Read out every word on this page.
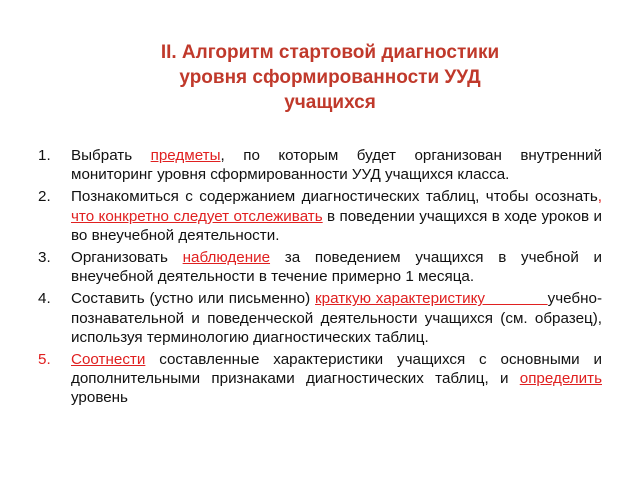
II. Алгоритм стартовой диагностики
уровня сформированности УУД
учащихся
1. Выбрать предметы, по которым будет организован внутренний мониторинг уровня сформированности УУД учащихся класса.
2. Познакомиться с содержанием диагностических таблиц, чтобы осознать, что конкретно следует отслеживать в поведении учащихся в ходе уроков и во внеучебной деятельности.
3. Организовать наблюдение за поведением учащихся в учебной и внеучебной деятельности в течение примерно 1 месяца.
4. Составить (устно или письменно) краткую характеристику             учебно-познавательной и поведенческой деятельности учащихся (см. образец), используя терминологию диагностических таблиц.
5. Соотнести составленные характеристики учащихся с основными и дополнительными признаками диагностических таблиц, и определить уровень
